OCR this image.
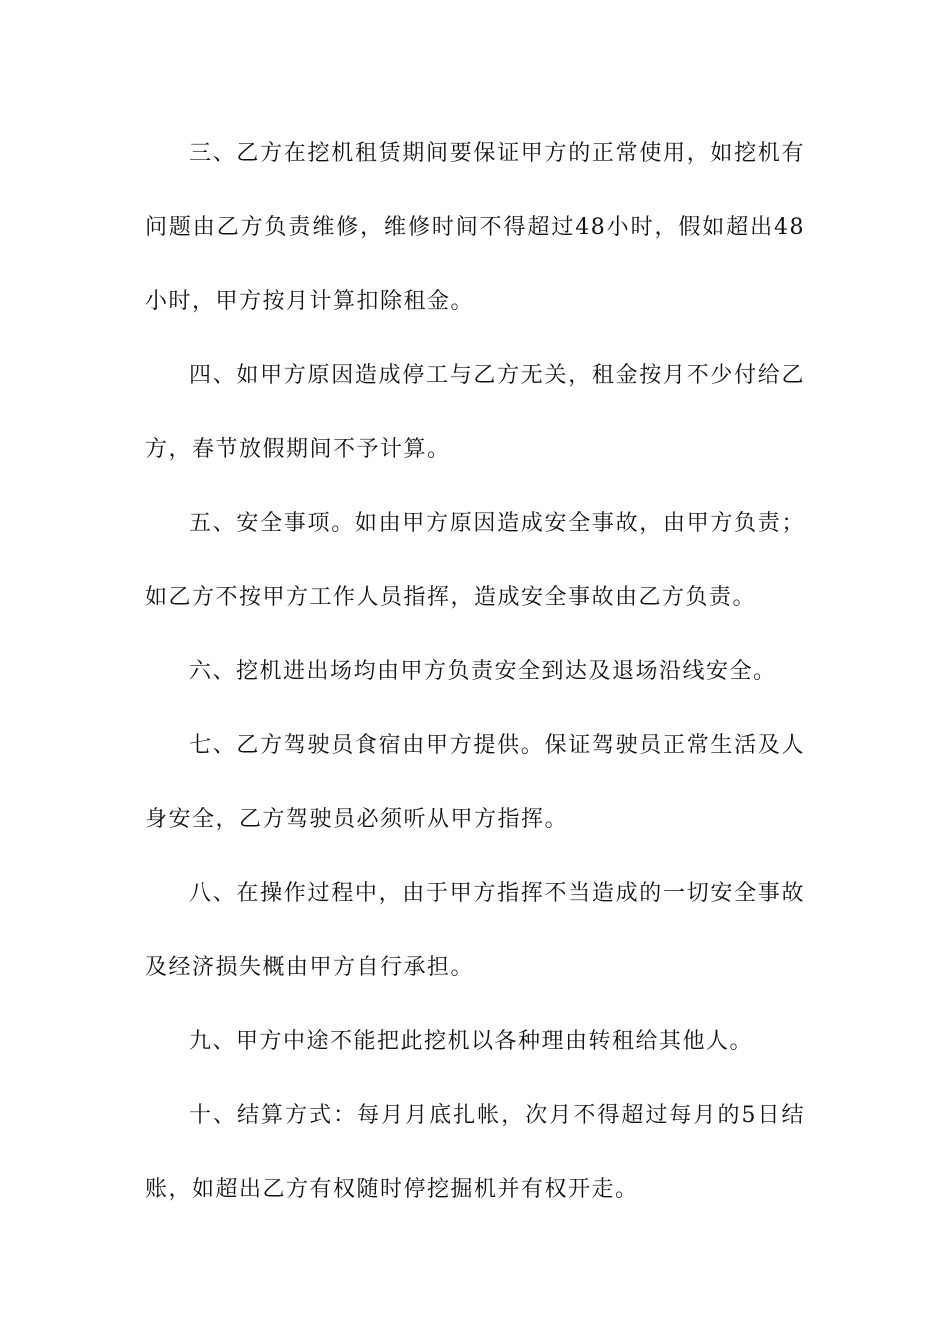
三、乙方在挖机租赁期间要保证甲方的正常使用，如挖机有问题由乙方负责维修，维修时间不得超过48小时，假如超出48小时，甲方按月计算扣除租金。

四、如甲方原因造成停工与乙方无关，租金按月不少付给乙方，春节放假期间不予计算。

五、安全事项。如由甲方原因造成安全事故，由甲方负责；如乙方不按甲方工作人员指挥，造成安全事故由乙方负责。

六、挖机进出场均由甲方负责安全到达及退场沿线安全。

七、乙方驾驶员食宿由甲方提供。保证驾驶员正常生活及人身安全，乙方驾驶员必须听从甲方指挥。

八、在操作过程中，由于甲方指挥不当造成的一切安全事故及经济损失概由甲方自行承担。

九、甲方中途不能把此挖机以各种理由转租给其他人。

十、结算方式：每月月底扎帐，次月不得超过每月的5日结账，如超出乙方有权随时停挖掘机并有权开走。
